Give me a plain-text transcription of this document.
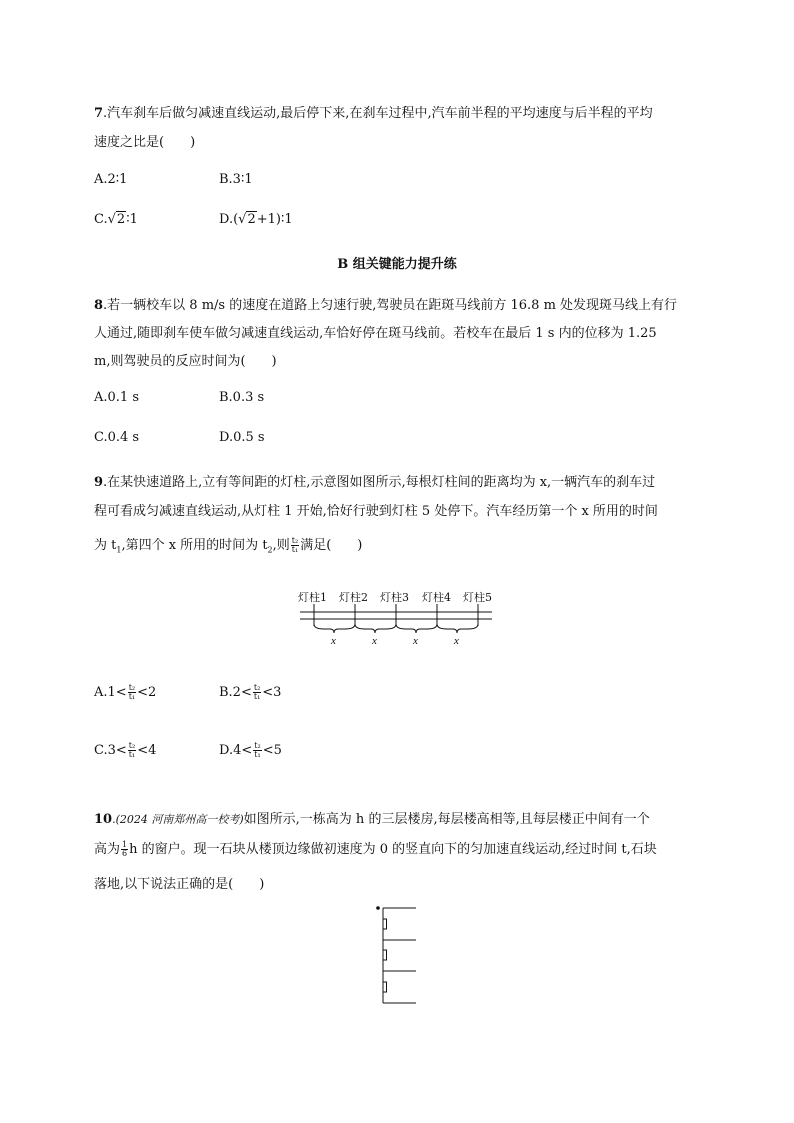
7.汽车刹车后做匀减速直线运动,最后停下来,在刹车过程中,汽车前半程的平均速度与后半程的平均
速度之比是(　　)
A.2∶1	B.3∶1
C.√2∶1	D.(√2+1)∶1
B 组关键能力提升练
8.若一辆校车以 8 m/s 的速度在道路上匀速行驶,驾驶员在距斑马线前方 16.8 m 处发现斑马线上有行
人通过,随即刹车使车做匀减速直线运动,车恰好停在斑马线前。若校车在最后 1 s 内的位移为 1.25
m,则驾驶员的反应时间为(　　)
A.0.1 s	B.0.3 s
C.0.4 s	D.0.5 s
9.在某快速道路上,立有等间距的灯柱,示意图如图所示,每根灯柱间的距离均为 x,一辆汽车的刹车过
程可看成匀减速直线运动,从灯柱 1 开始,恰好行驶到灯柱 5 处停下。汽车经历第一个 x 所用的时间
为 $t_1$,第四个 x 所用的时间为 $t_2$,则 $\frac{\text{t₂}}{\text{t₁}}$ 满足(　　)
灯柱1 灯柱2 灯柱3 灯柱4 灯柱5
x	x	x	x
$A.1< \frac{\text{t₂}}{\text{t₁}} <2$	$B.2< \frac{\text{t₂}}{\text{t₁}} <3$
$C.3< \frac{\text{t₂}}{\text{t₁}} <4$	$D.4< \frac{\text{t₂}}{\text{t₁}} <5$
10.(2024 河南郑州高一校考)如图所示,一栋高为 h 的三层楼房,每层楼高相等,且每层楼正中间有一个
高为 $\frac{1}{6}$ h 的窗户。现一石块从楼顶边缘做初速度为 0 的竖直向下的匀加速直线运动,经过时间 t,石块
落地,以下说法正确的是(　　)
